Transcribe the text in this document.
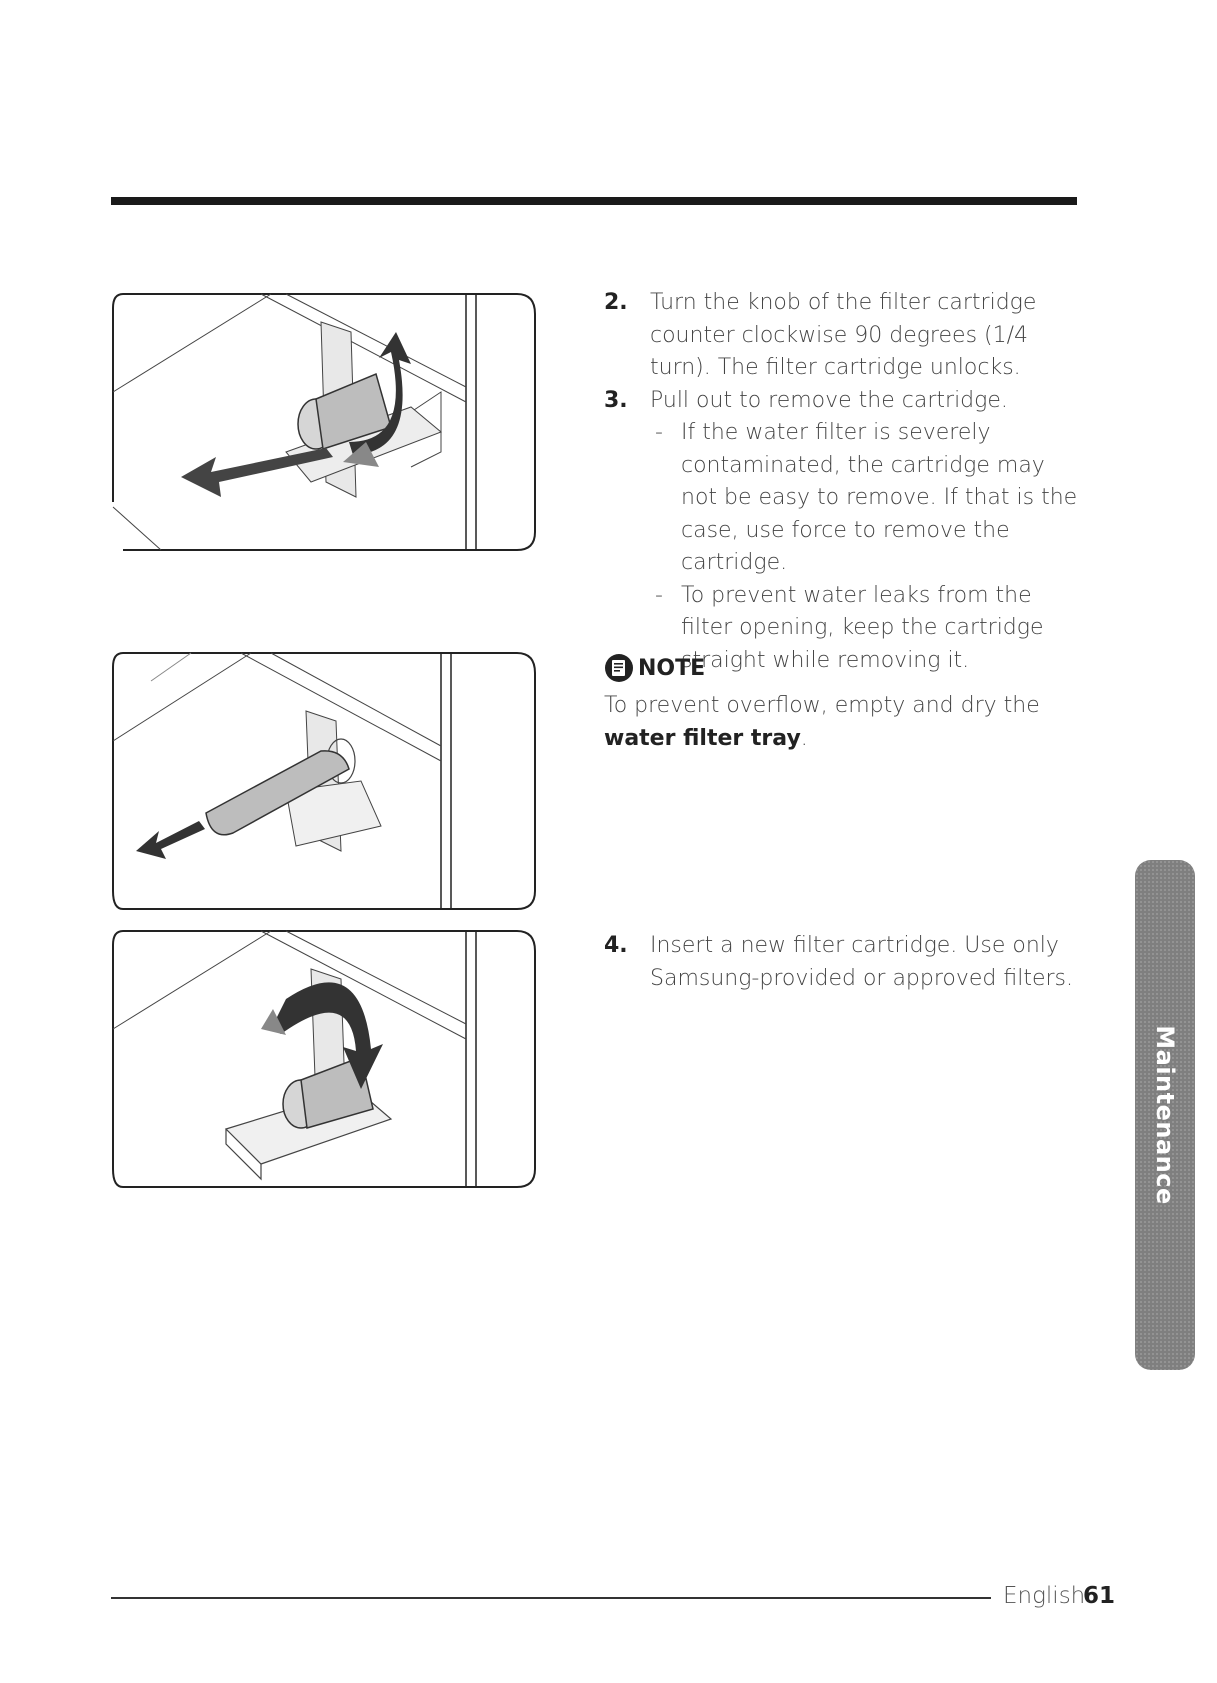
2. Turn the knob of the filter cartridge counter clockwise 90 degrees (1/4 turn). The filter cartridge unlocks.
3. Pull out to remove the cartridge.
- If the water filter is severely contaminated, the cartridge may not be easy to remove. If that is the case, use force to remove the cartridge.
- To prevent water leaks from the filter opening, keep the cartridge straight while removing it.
NOTE
To prevent overflow, empty and dry the water filter tray.
4. Insert a new filter cartridge. Use only Samsung-provided or approved filters.
Maintenance
English
61
